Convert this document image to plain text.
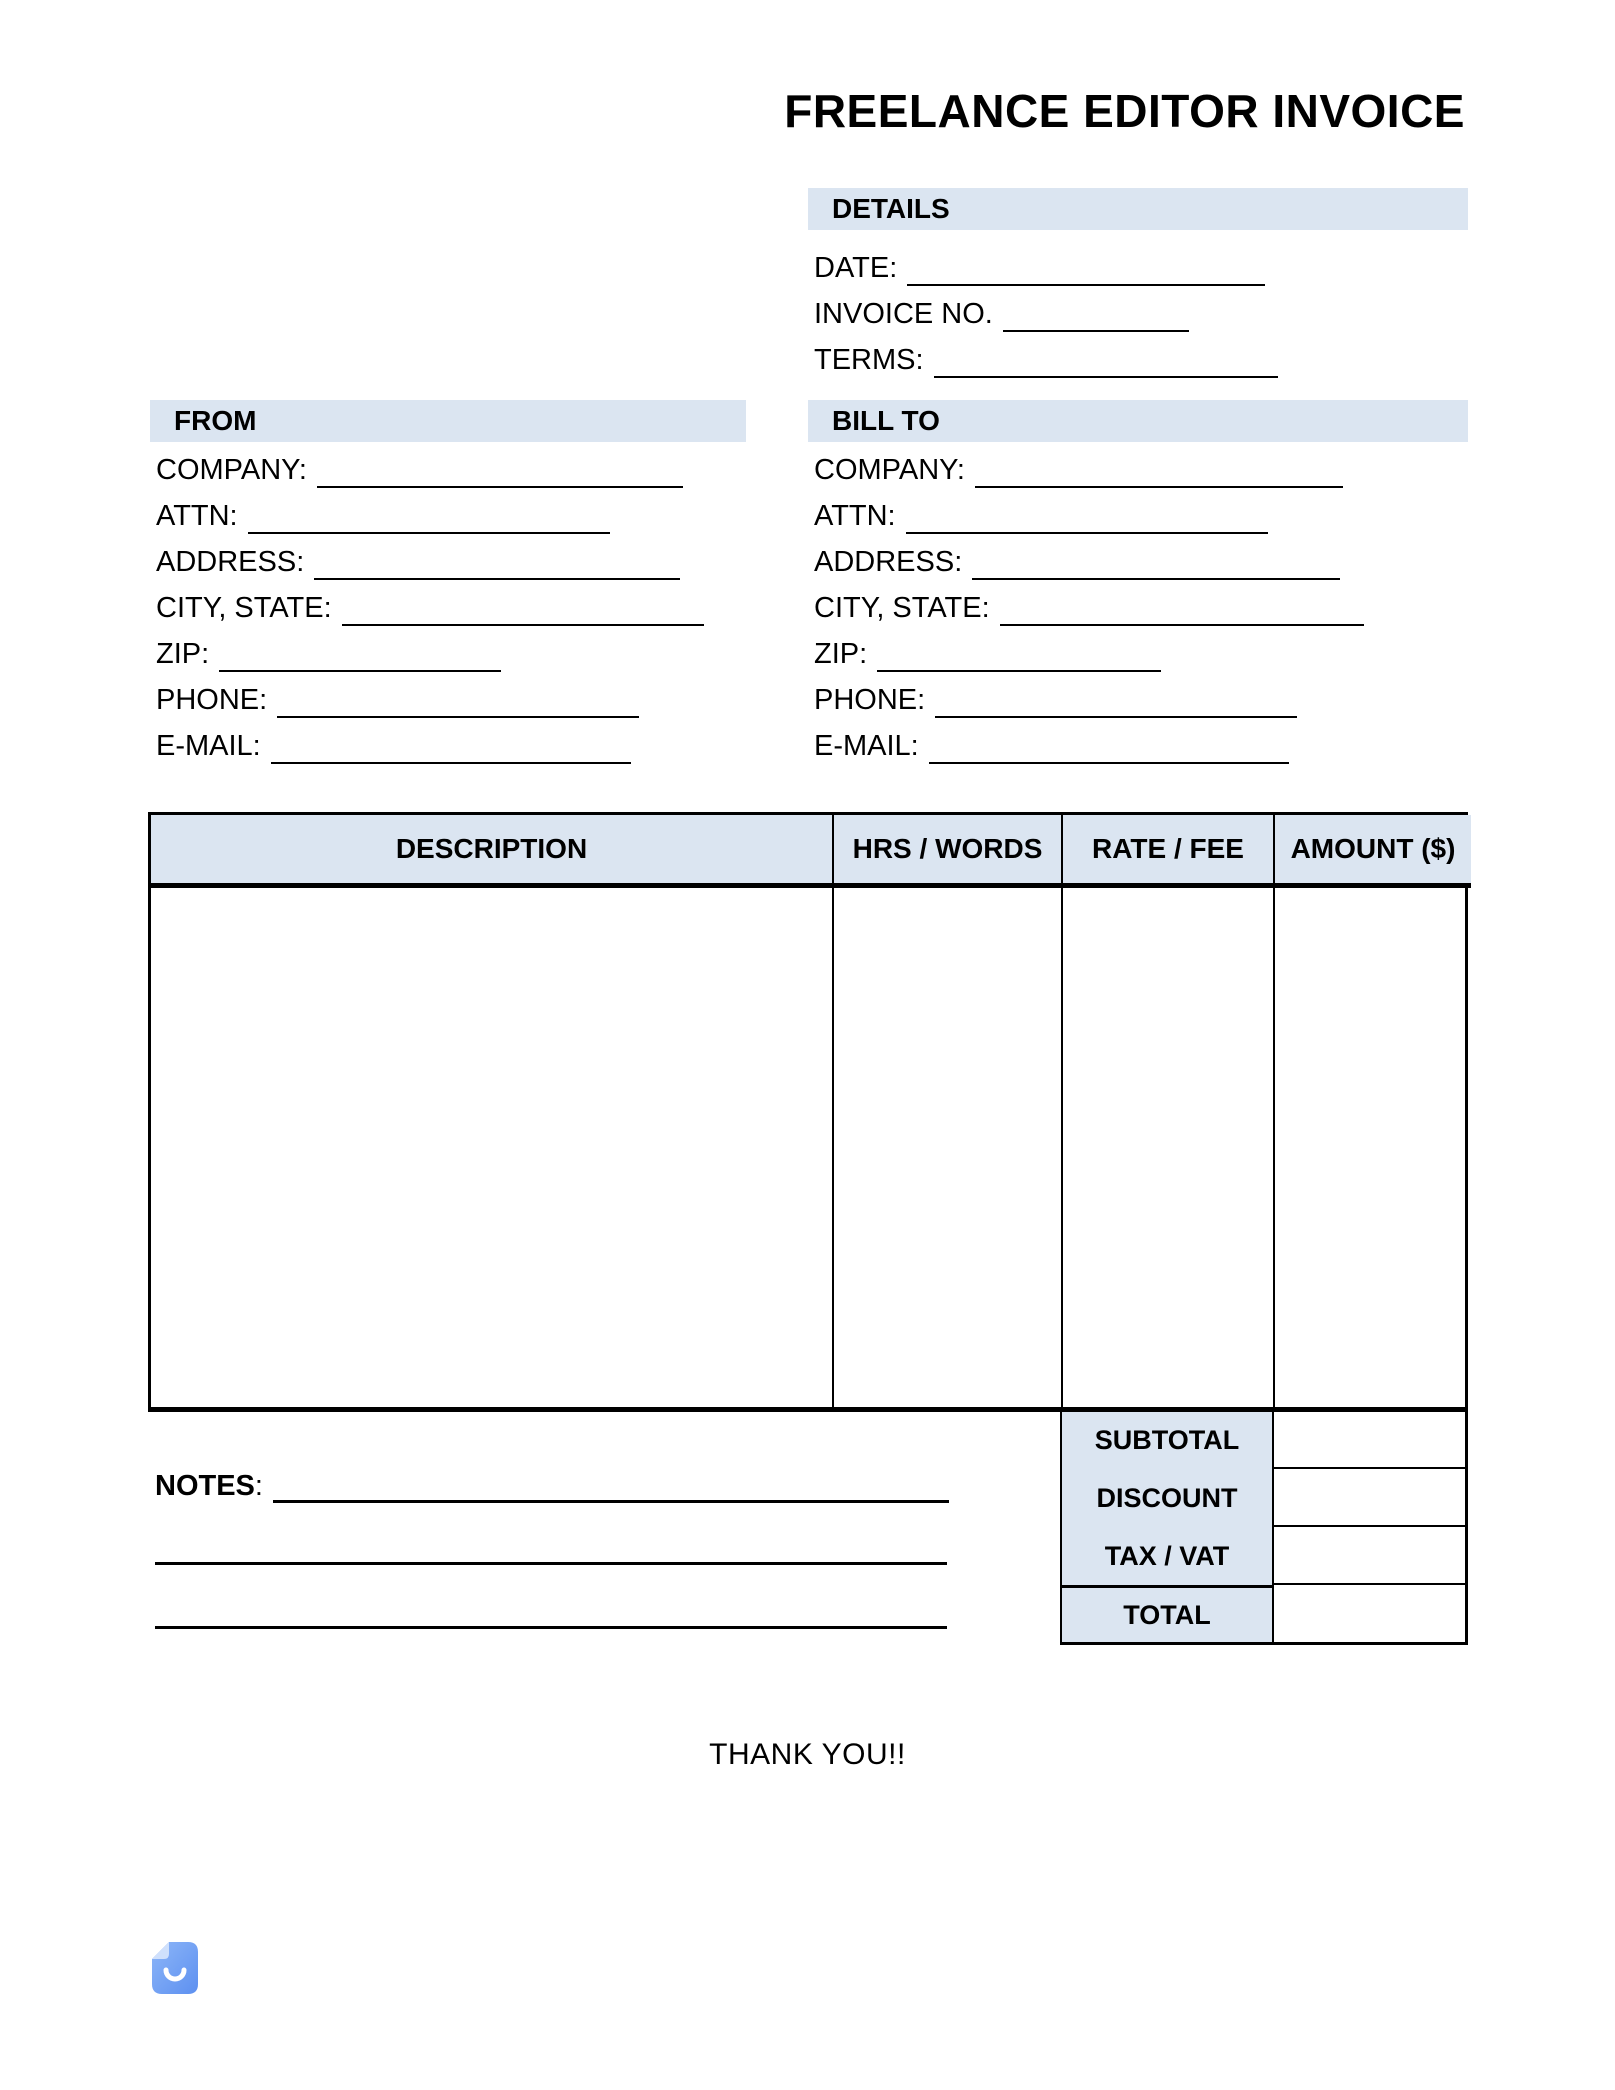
FREELANCE EDITOR INVOICE
DETAILS
DATE:
INVOICE NO.
TERMS:
FROM
COMPANY:
ATTN:
ADDRESS:
CITY, STATE:
ZIP:
PHONE:
E-MAIL:
BILL TO
COMPANY:
ATTN:
ADDRESS:
CITY, STATE:
ZIP:
PHONE:
E-MAIL:
DESCRIPTION	HRS / WORDS	RATE / FEE	AMOUNT ($)
SUBTOTAL
DISCOUNT
TAX / VAT
TOTAL
NOTES:
THANK YOU!!
